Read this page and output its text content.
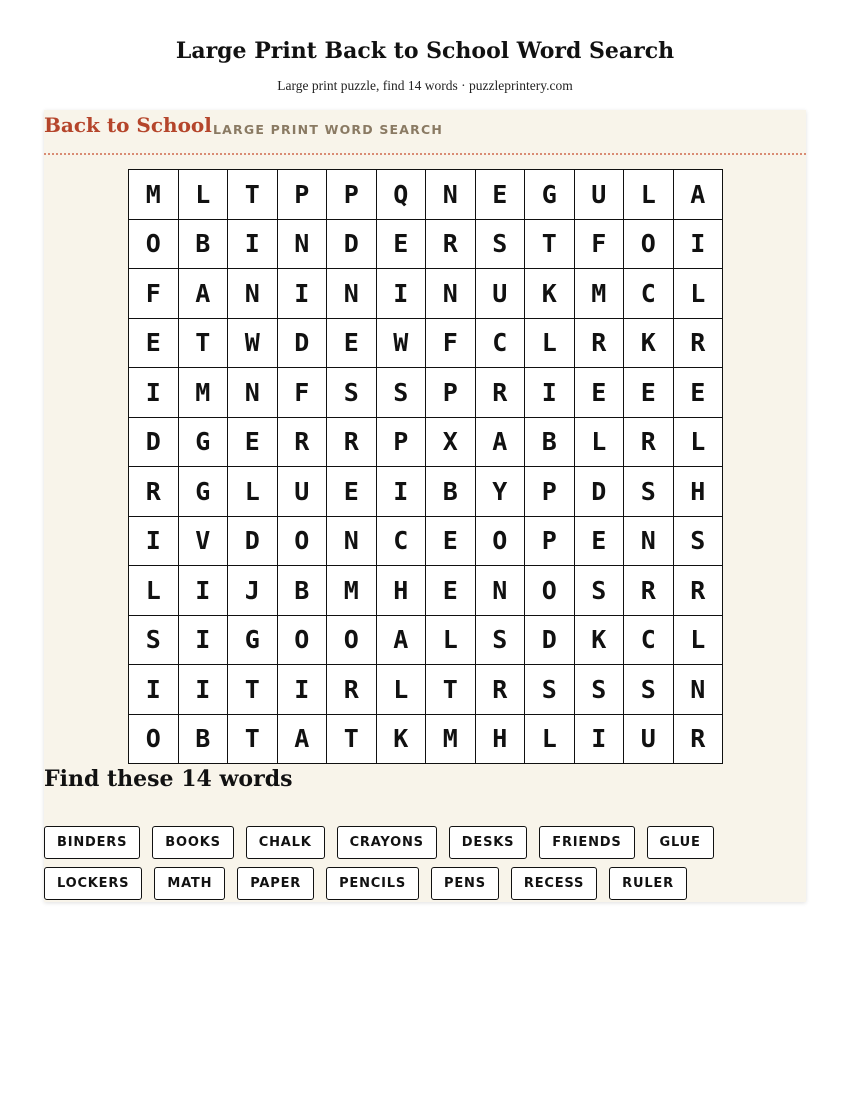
Large Print Back to School Word Search
Large print puzzle, find 14 words · puzzleprintery.com
Back to School LARGE PRINT WORD SEARCH
M	L	T	P	P	Q	N	E	G	U	L	A
O	B	I	N	D	E	R	S	T	F	O	I
F	A	N	I	N	I	N	U	K	M	C	L
E	T	W	D	E	W	F	C	L	R	K	R
I	M	N	F	S	S	P	R	I	E	E	E
D	G	E	R	R	P	X	A	B	L	R	L
R	G	L	U	E	I	B	Y	P	D	S	H
I	V	D	O	N	C	E	O	P	E	N	S
L	I	J	B	M	H	E	N	O	S	R	R
S	I	G	O	O	A	L	S	D	K	C	L
I	I	T	I	R	L	T	R	S	S	S	N
O	B	T	A	T	K	M	H	L	I	U	R
Find these 14 words
BINDERS	BOOKS	CHALK	CRAYONS	DESKS	FRIENDS	GLUE
LOCKERS	MATH	PAPER	PENCILS	PENS	RECESS	RULER
